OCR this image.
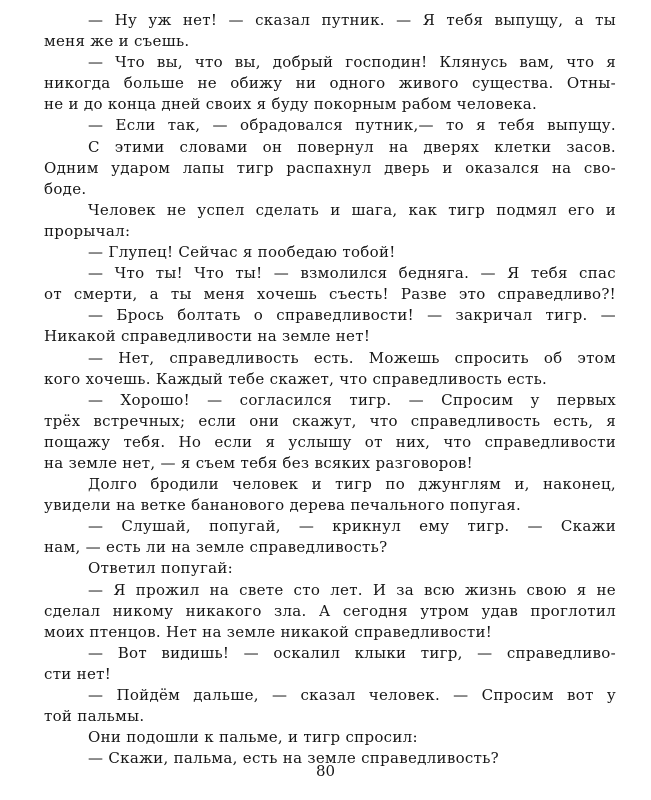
— Ну уж нет! — сказал путник. — Я тебя выпущу, а ты
меня же и съешь.
— Что вы, что вы, добрый господин! Клянусь вам, что я
никогда больше не обижу ни одного живого существа. Отны-
не и до конца дней своих я буду покорным рабом человека.
— Если так, — обрадовался путник,— то я тебя выпущу.
С этими словами он повернул на дверях клетки засов.
Одним ударом лапы тигр распахнул дверь и оказался на сво-
боде.
Человек не успел сделать и шага, как тигр подмял его и
прорычал:
— Глупец! Сейчас я пообедаю тобой!
— Что ты! Что ты! — взмолился бедняга. — Я тебя спас
от смерти, а ты меня хочешь съесть! Разве это справедливо?!
— Брось болтать о справедливости! — закричал тигр. —
Никакой справедливости на земле нет!
— Нет, справедливость есть. Можешь спросить об этом
кого хочешь. Каждый тебе скажет, что справедливость есть.
— Хорошо! — согласился тигр. — Спросим у первых
трёх встречных; если они скажут, что справедливость есть, я
пощажу тебя. Но если я услышу от них, что справедливости
на земле нет, — я съем тебя без всяких разговоров!
Долго бродили человек и тигр по джунглям и, наконец,
увидели на ветке бананового дерева печального попугая.
— Слушай, попугай, — крикнул ему тигр. — Скажи
нам, — есть ли на земле справедливость?
Ответил попугай:
— Я прожил на свете сто лет. И за всю жизнь свою я не
сделал никому никакого зла. А сегодня утром удав проглотил
моих птенцов. Нет на земле никакой справедливости!
— Вот видишь! — оскалил клыки тигр, — справедливо-
сти нет!
— Пойдём дальше, — сказал человек. — Спросим вот у
той пальмы.
Они подошли к пальме, и тигр спросил:
— Скажи, пальма, есть на земле справедливость?
80
